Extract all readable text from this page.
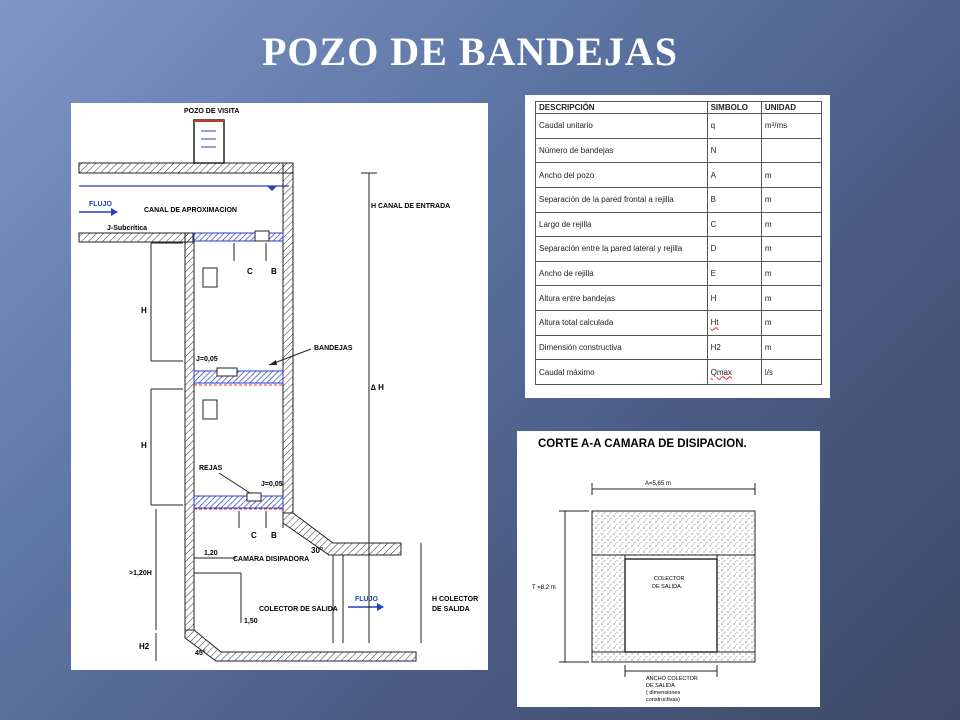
POZO DE BANDEJAS
POZO DE VISITA
FLUJO
CANAL DE APROXIMACION
J-Subcrítica
C B
H
J=0,05
BANDEJAS
H
REJAS
J=0,05
C B
30°
1,20
CAMARA DISIPADORA
COLECTOR DE SALIDA
1,50
>1,20H
FLUJO	H COLECTOR
DE SALIDA
H CANAL DE ENTRADA
∆ H
H2
45°
DESCRIPCIÓN	SIMBOLO	UNIDAD
Caudal unitario	q	m³/ms
Número de bandejas	N	
Ancho del pozo	A	m
Separación de la pared frontal a rejilla	B	m
Largo de rejilla	C	m
Separación entre la pared lateral y rejilla	D	m
Ancho de rejilla	E	m
Altura entre bandejas	H	m
Altura total calculada	Ht	m
Dimensión constructiva	H2	m
Caudal máximo	Qmax	l/s
CORTE A-A CAMARA DE DISIPACION.
A=5,65 m
COLECTOR
DE SALIDA.
T =8,2 m
ANCHO COLECTOR
DE SALIDA
( dimensiones
constructivas)
